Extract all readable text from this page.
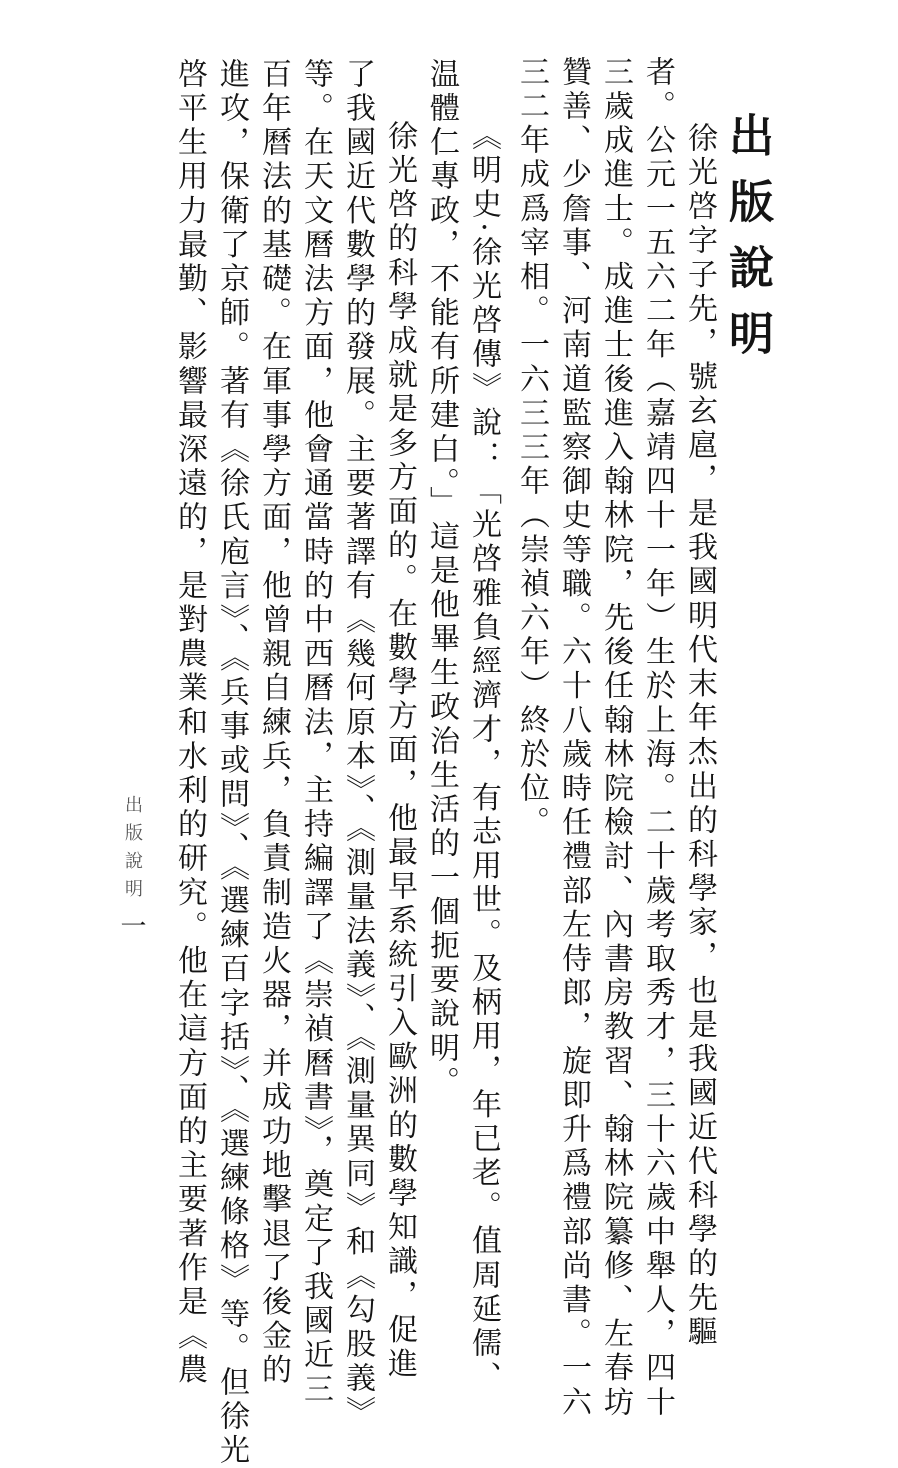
出版說明
徐光啓字子先，號玄扈，是我國明代末年杰出的科學家，也是我國近代科學的先驅
者。公元一五六二年（嘉靖四十一年）生於上海。二十歲考取秀才，三十六歲中舉人，四十
三歲成進士。成進士後進入翰林院，先後任翰林院檢討、內書房教習、翰林院纂修、左春坊
贊善、少詹事、河南道監察御史等職。六十八歲時任禮部左侍郎，旋即升爲禮部尚書。一六
三二年成爲宰相。一六三三年（崇禎六年）終於位。
《明史·徐光啓傳》說：「光啓雅負經濟才，有志用世。及柄用，年已老。值周延儒、
温體仁專政，不能有所建白。」這是他畢生政治生活的一個扼要說明。
徐光啓的科學成就是多方面的。在數學方面，他最早系統引入歐洲的數學知識，促進
了我國近代數學的發展。主要著譯有《幾何原本》、《測量法義》、《測量異同》和《勾股義》
等。在天文曆法方面，他會通當時的中西曆法，主持編譯了《崇禎曆書》，奠定了我國近三
百年曆法的基礎。在軍事學方面，他曾親自練兵，負責制造火器，并成功地擊退了後金的
進攻，保衛了京師。著有《徐氏庖言》、《兵事或問》、《選練百字括》、《選練條格》等。但徐光
啓平生用力最勤、影響最深遠的，是對農業和水利的研究。他在這方面的主要著作是《農
出版說明
一
